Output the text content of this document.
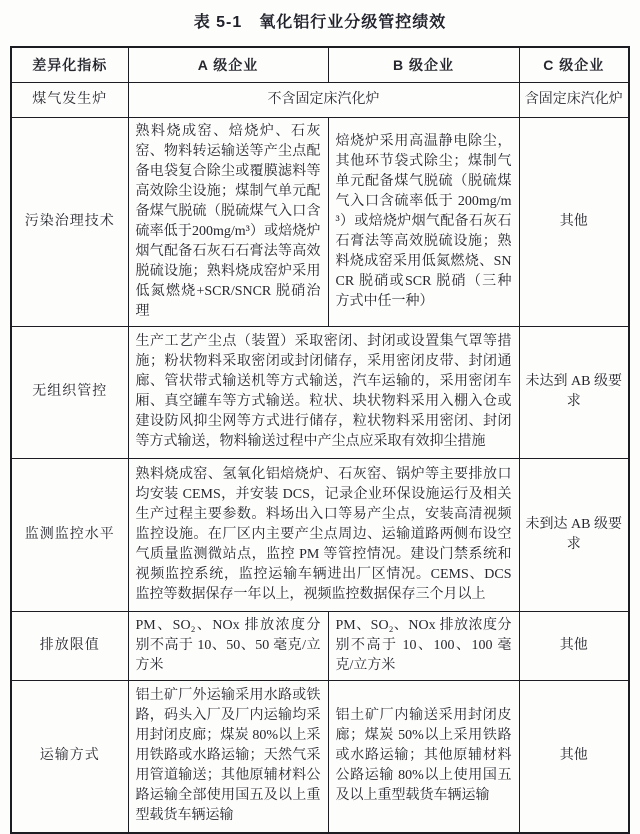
表 5-1　氧化铝行业分级管控绩效
差异化指标	A 级企业	B 级企业	C 级企业
煤气发生炉	不含固定床汽化炉		含固定床汽化炉
污染治理技术	熟料烧成窑、焙烧炉、石灰窑、物料转运输送等产尘点配备电袋复合除尘或覆膜滤料等高效除尘设施；煤制气单元配备煤气脱硫（脱硫煤气入口含硫率低于200mg/m³）或焙烧炉烟气配备石灰石石膏法等高效脱硫设施；熟料烧成窑炉采用低氮燃烧+SCR/SNCR 脱硝治理	焙烧炉采用高温静电除尘，其他环节袋式除尘；煤制气单元配备煤气脱硫（脱硫煤气入口含硫率低于 200mg/m³）或焙烧炉烟气配备石灰石石膏法等高效脱硫设施；熟料烧成窑采用低氮燃烧、SNCR 脱硝或SCR 脱硝（三种方式中任一种）	其他
无组织管控	生产工艺产尘点（装置）采取密闭、封闭或设置集气罩等措施；粉状物料采取密闭或封闭储存，采用密闭皮带、封闭通廊、管状带式输送机等方式输送，汽车运输的，采用密闭车厢、真空罐车等方式输送。粒状、块状物料采用入棚入仓或建设防风抑尘网等方式进行储存，粒状物料采用密闭、封闭等方式输送，物料输送过程中产尘点应采取有效抑尘措施		未达到 AB 级要求
监测监控水平	熟料烧成窑、氢氧化铝焙烧炉、石灰窑、锅炉等主要排放口均安装 CEMS，并安装 DCS，记录企业环保设施运行及相关生产过程主要参数。料场出入口等易产尘点，安装高清视频监控设施。在厂区内主要产尘点周边、运输道路两侧布设空气质量监测微站点，监控 PM 等管控情况。建设门禁系统和视频监控系统，监控运输车辆进出厂区情况。CEMS、DCS 监控等数据保存一年以上，视频监控数据保存三个月以上		未到达 AB 级要求
排放限值	PM、SO₂、NOx 排放浓度分别不高于 10、50、50 毫克/立方米	PM、SO₂、NOx 排放浓度分别不高于 10、100、100 毫克/立方米	其他
运输方式	铝土矿厂外运输采用水路或铁路，码头入厂及厂内运输均采用封闭皮廊；煤炭 80%以上采用铁路或水路运输；天然气采用管道输送；其他原辅材料公路运输全部使用国五及以上重型载货车辆运输	铝土矿厂内输送采用封闭皮廊；煤炭 50%以上采用铁路或水路运输；其他原辅材料公路运输 80%以上使用国五及以上重型载货车辆运输	其他
